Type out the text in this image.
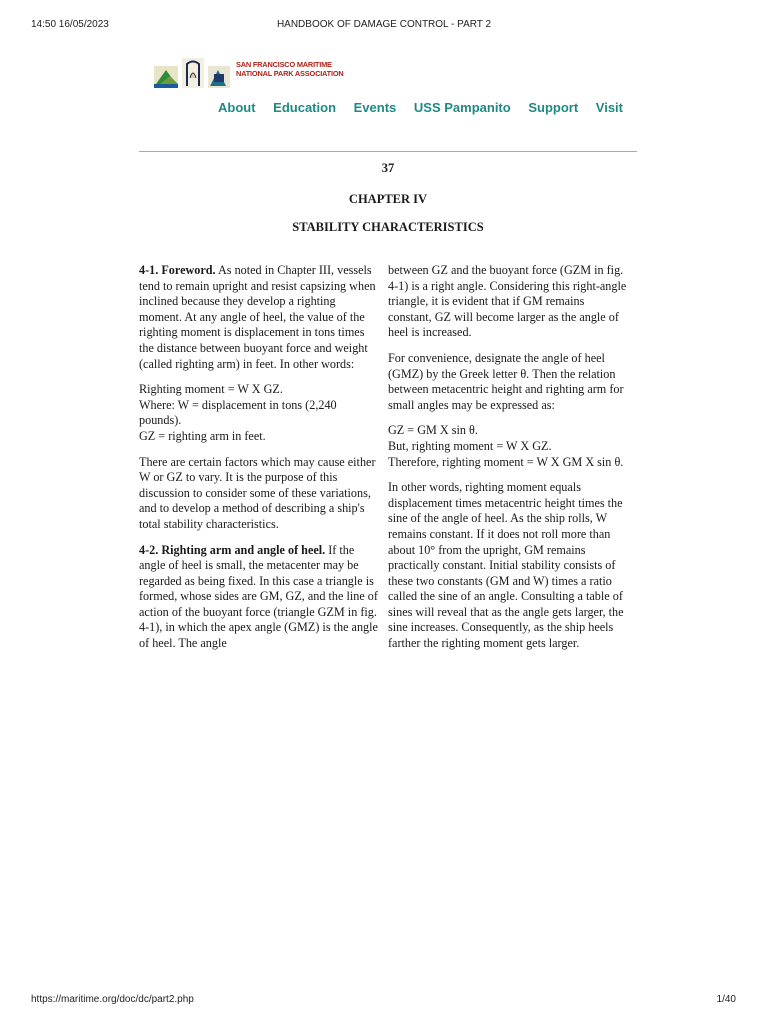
14:50 16/05/2023	HANDBOOK OF DAMAGE CONTROL - PART 2
SAN FRANCISCO MARITIME
NATIONAL PARK ASSOCIATION
About Education Events USS Pampanito Support Visit
37
CHAPTER IV
STABILITY CHARACTERISTICS

4-1. Foreword. As noted in Chapter III, vessels tend to remain upright and resist capsizing when inclined because they develop a righting moment. At any angle of heel, the value of the righting moment is displacement in tons times the distance between buoyant force and weight (called righting arm) in feet. In other words:

Righting moment = W X GZ.
Where: W = displacement in tons (2,240 pounds).
GZ = righting arm in feet.

There are certain factors which may cause either W or GZ to vary. It is the purpose of this discussion to consider some of these variations, and to develop a method of describing a ship's total stability characteristics.

4-2. Righting arm and angle of heel. If the angle of heel is small, the metacenter may be regarded as being fixed. In this case a triangle is formed, whose sides are GM, GZ, and the line of action of the buoyant force (triangle GZM in fig. 4-1), in which the apex angle (GMZ) is the angle of heel. The angle

between GZ and the buoyant force (GZM in fig. 4-1) is a right angle. Considering this right-angle triangle, it is evident that if GM remains constant, GZ will become larger as the angle of heel is increased.

For convenience, designate the angle of heel (GMZ) by the Greek letter θ. Then the relation between metacentric height and righting arm for small angles may be expressed as:

GZ = GM X sin θ.
But, righting moment = W X GZ.
Therefore, righting moment = W X GM X sin θ.

In other words, righting moment equals displacement times metacentric height times the sine of the angle of heel. As the ship rolls, W remains constant. If it does not roll more than about 10° from the upright, GM remains practically constant. Initial stability consists of these two constants (GM and W) times a ratio called the sine of an angle. Consulting a table of sines will reveal that as the angle gets larger, the sine increases. Consequently, as the ship heels farther the righting moment gets larger.

https://maritime.org/doc/dc/part2.php	1/40
